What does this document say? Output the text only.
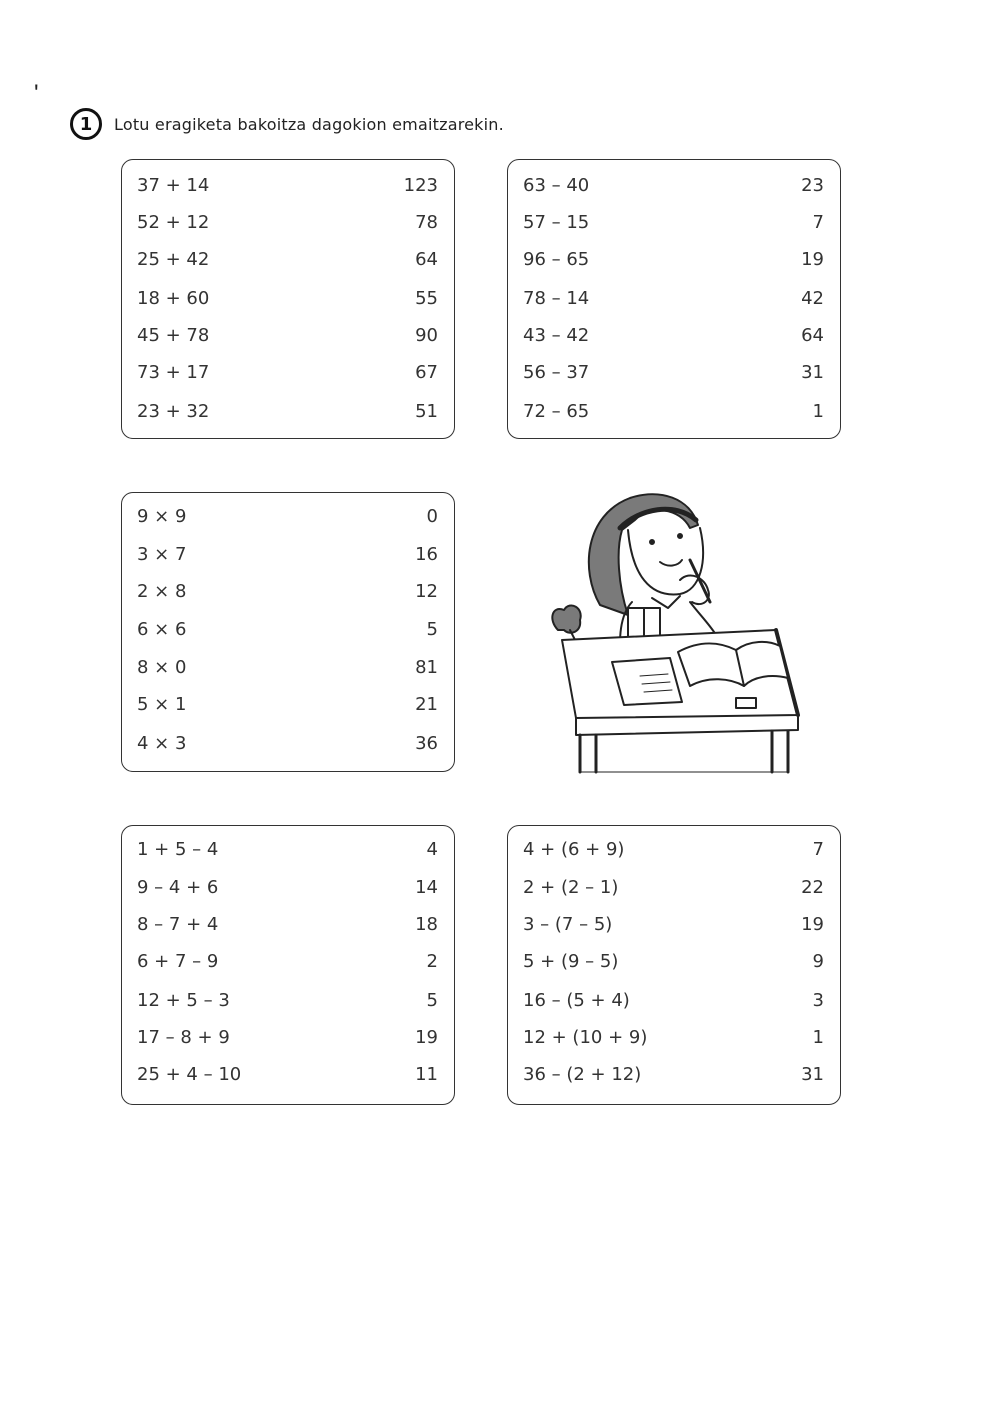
'
1	Lotu eragiketa bakoitza dagokion emaitzarekin.
37 + 14	123
52 + 12	78
25 + 42	64
18 + 60	55
45 + 78	90
73 + 17	67
23 + 32	51
63 – 40	23
57 – 15	7
96 – 65	19
78 – 14	42
43 – 42	64
56 – 37	31
72 – 65	1
9 × 9	0
3 × 7	16
2 × 8	12
6 × 6	5
8 × 0	81
5 × 1	21
4 × 3	36
1 + 5 – 4	4
9 – 4 + 6	14
8 – 7 + 4	18
6 + 7 – 9	2
12 + 5 – 3	5
17 – 8 + 9	19
25 + 4 – 10	11
4 + (6 + 9)	7
2 + (2 – 1)	22
3 – (7 – 5)	19
5 + (9 – 5)	9
16 – (5 + 4)	3
12 + (10 + 9)	1
36 – (2 + 12)	31
